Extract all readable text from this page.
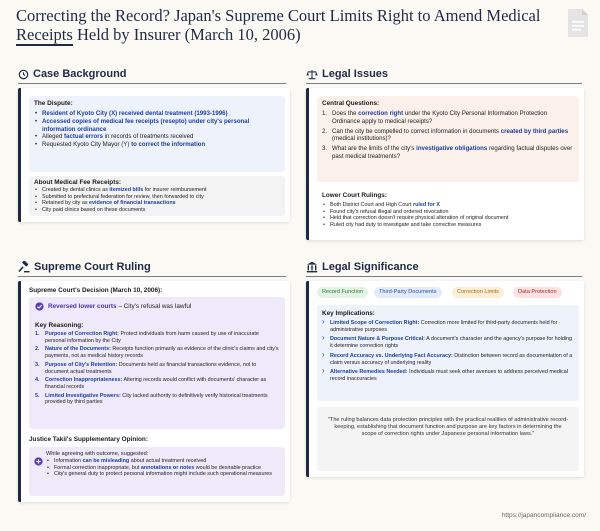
Correcting the Record? Japan's Supreme Court Limits Right to Amend Medical
Receipts Held by Insurer (March 10, 2006)
Case Background
The Dispute:
• Resident of Kyoto City (X) received dental treatment (1993-1996)
• Accessed copies of medical fee receipts (resepto) under city's personal information ordinance
• Alleged factual errors in records of treatments received
• Requested Kyoto City Mayor (Y) to correct the information
About Medical Fee Receipts:
• Created by dental clinics as itemized bills for insurer reimbursement
• Submitted to prefectural federation for review, then forwarded to city
• Retained by city as evidence of financial transactions
• City paid clinics based on these documents
Legal Issues
Central Questions:
1. Does the correction right under the Kyoto City Personal Information Protection Ordinance apply to medical receipts?
2. Can the city be compelled to correct information in documents created by third parties (medical institutions)?
3. What are the limits of the city's investigative obligations regarding factual disputes over past medical treatments?
Lower Court Rulings:
• Both District Court and High Court ruled for X
• Found city's refusal illegal and ordered revocation
• Held that correction doesn't require physical alteration of original document
• Ruled city had duty to investigate and take corrective measures
Supreme Court Ruling
Supreme Court's Decision (March 10, 2006):
Reversed lower courts – City's refusal was lawful
Key Reasoning:
1. Purpose of Correction Right: Protect individuals from harm caused by use of inaccurate personal information by the City
2. Nature of the Documents: Receipts function primarily as evidence of the clinic's claims and city's payments, not as medical history records
3. Purpose of City's Retention: Documents held as financial transactions evidence, not to document actual treatments
4. Correction Inappropriateness: Altering records would conflict with documents' character as financial records
5. Limited Investigative Powers: City lacked authority to definitively verify historical treatments provided by third parties
Justice Takii's Supplementary Opinion:
While agreeing with outcome, suggested:
• Information can be misleading about actual treatment received
• Formal correction inappropriate, but annotations or notes would be desirable practice
• City's general duty to protect personal information might include such operational measures
Legal Significance
Record Function	Third-Party Documents	Correction Limits	Data Protection
Key Implications:
› Limited Scope of Correction Right: Correction more limited for third-party documents held for administrative purposes
› Document Nature & Purpose Critical: A document's character and the agency's purpose for holding it determine correction rights
› Record Accuracy vs. Underlying Fact Accuracy: Distinction between record as documentation of a claim versus accuracy of underlying reality
› Alternative Remedies Needed: Individuals must seek other avenues to address perceived medical record inaccuracies
"The ruling balances data protection principles with the practical realities of administrative record-keeping, establishing that document function and purpose are key factors in determining the scope of correction rights under Japanese personal information laws."
https://japancompliance.com/
